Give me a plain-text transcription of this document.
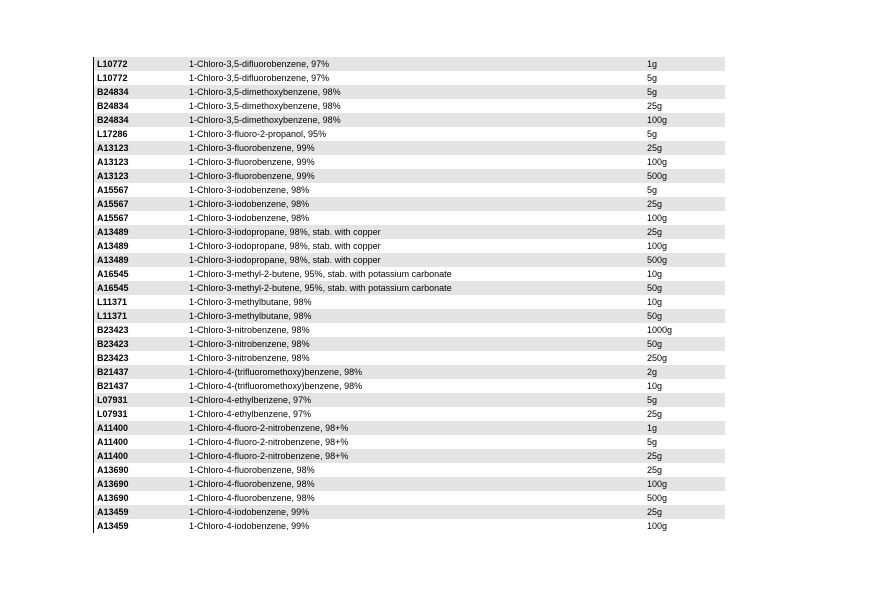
L10772	1-Chloro-3,5-difluorobenzene, 97%	1g
L10772	1-Chloro-3,5-difluorobenzene, 97%	5g
B24834	1-Chloro-3,5-dimethoxybenzene, 98%	5g
B24834	1-Chloro-3,5-dimethoxybenzene, 98%	25g
B24834	1-Chloro-3,5-dimethoxybenzene, 98%	100g
L17286	1-Chloro-3-fluoro-2-propanol, 95%	5g
A13123	1-Chloro-3-fluorobenzene, 99%	25g
A13123	1-Chloro-3-fluorobenzene, 99%	100g
A13123	1-Chloro-3-fluorobenzene, 99%	500g
A15567	1-Chloro-3-iodobenzene, 98%	5g
A15567	1-Chloro-3-iodobenzene, 98%	25g
A15567	1-Chloro-3-iodobenzene, 98%	100g
A13489	1-Chloro-3-iodopropane, 98%, stab. with copper	25g
A13489	1-Chloro-3-iodopropane, 98%, stab. with copper	100g
A13489	1-Chloro-3-iodopropane, 98%, stab. with copper	500g
A16545	1-Chloro-3-methyl-2-butene, 95%, stab. with potassium carbonate	10g
A16545	1-Chloro-3-methyl-2-butene, 95%, stab. with potassium carbonate	50g
L11371	1-Chloro-3-methylbutane, 98%	10g
L11371	1-Chloro-3-methylbutane, 98%	50g
B23423	1-Chloro-3-nitrobenzene, 98%	1000g
B23423	1-Chloro-3-nitrobenzene, 98%	50g
B23423	1-Chloro-3-nitrobenzene, 98%	250g
B21437	1-Chloro-4-(trifluoromethoxy)benzene, 98%	2g
B21437	1-Chloro-4-(trifluoromethoxy)benzene, 98%	10g
L07931	1-Chloro-4-ethylbenzene, 97%	5g
L07931	1-Chloro-4-ethylbenzene, 97%	25g
A11400	1-Chloro-4-fluoro-2-nitrobenzene, 98+%	1g
A11400	1-Chloro-4-fluoro-2-nitrobenzene, 98+%	5g
A11400	1-Chloro-4-fluoro-2-nitrobenzene, 98+%	25g
A13690	1-Chloro-4-fluorobenzene, 98%	25g
A13690	1-Chloro-4-fluorobenzene, 98%	100g
A13690	1-Chloro-4-fluorobenzene, 98%	500g
A13459	1-Chloro-4-iodobenzene, 99%	25g
A13459	1-Chloro-4-iodobenzene, 99%	100g
